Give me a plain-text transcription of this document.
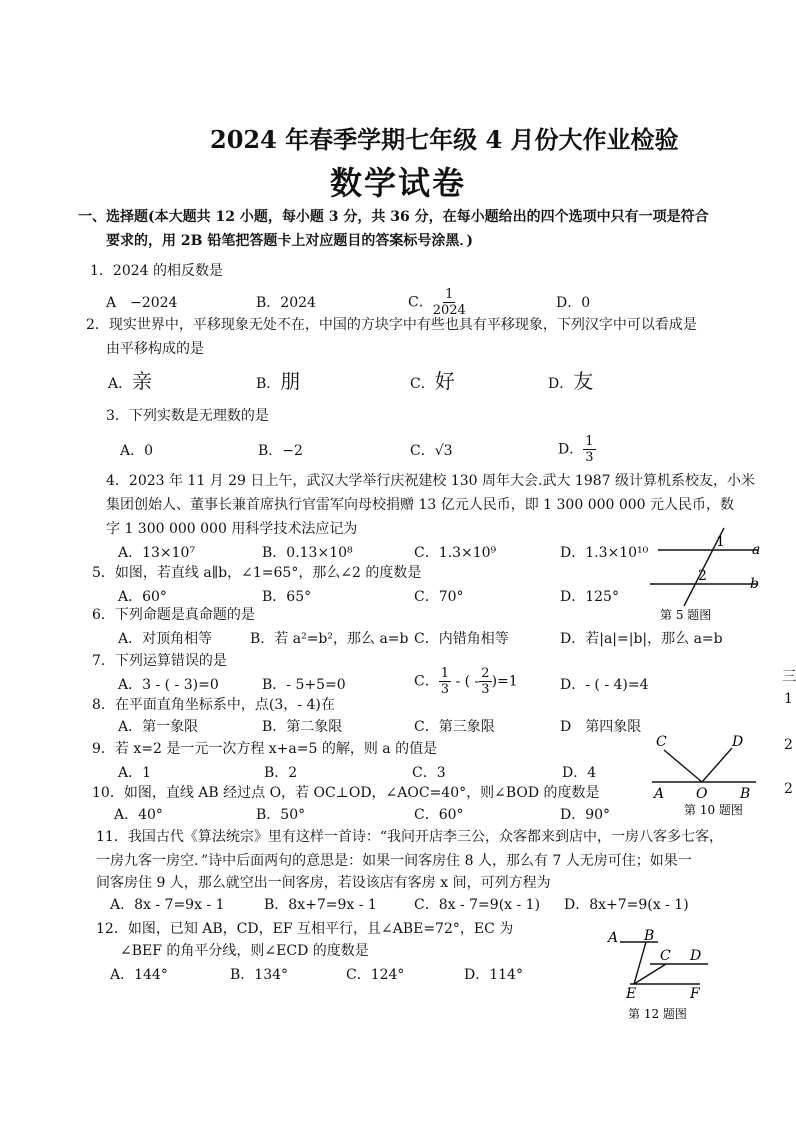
2024 年春季学期七年级 4 月份大作业检验
数学试卷
一、选择题(本大题共 12 小题，每小题 3 分，共 36 分，在每小题给出的四个选项中只有一项是符合
要求的，用 2B 铅笔把答题卡上对应题目的答案标号涂黑．)
1．2024 的相反数是
A　−2024	B．2024	C． $\frac{1}{2024}$	D．0
2．现实世界中，平移现象无处不在，中国的方块字中有些也具有平移现象，下列汉字中可以看成是
由平移构成的是
A．亲	B．朋	C．好	D．友
3．下列实数是无理数的是
A．0	B．−2	C．√3	D． $\frac{1}{3}$
4．2023 年 11 月 29 日上午，武汉大学举行庆祝建校 130 周年大会.武大 1987 级计算机系校友，小米
集团创始人、董事长兼首席执行官雷军向母校捐赠 13 亿元人民币，即 1 300 000 000 元人民币，数
字 1 300 000 000 用科学技术法应记为
A．13×10⁷	B．0.13×10⁸	C．1.3×10⁹	D．1.3×10¹⁰
5．如图，若直线 a∥b，∠1=65°，那么∠2 的度数是
A．60°	B．65°	C．70°	D．125°
1
2
a
b
第 5 题图
6．下列命题是真命题的是
A．对顶角相等	B．若 a²=b²，那么 a=b C．内错角相等	D．若|a|=|b|，那么 a=b
7．下列运算错误的是
A．3 - ( - 3)=0	B．- 5+5=0	C． $\frac{1}{3}$ - ( - $\frac{2}{3} )=1$	D．- ( - 4)=4
8．在平面直角坐标系中，点(3，- 4)在
A．第一象限	B．第二象限	C．第三象限	D　第四象限
9．若 x=2 是一元一次方程 x+a=5 的解，则 a 的值是
A．1	B．2	C．3	D．4
C	D
A O B
第 10 题图
10．如图，直线 AB 经过点 O，若 OC⊥OD，∠AOC=40°，则∠BOD 的度数是
A．40°	B．50°	C．60°	D．90°
11．我国古代《算法统宗》里有这样一首诗：“我问开店李三公，众客都来到店中，一房八客多七客，
一房九客一房空．”诗中后面两句的意思是：如果一间客房住 8 人，那么有 7 人无房可住；如果一
间客房住 9 人，那么就空出一间客房，若设该店有客房 x 间，可列方程为
A．8x - 7=9x - 1	B．8x+7=9x - 1	C．8x - 7=9(x - 1) D．8x+7=9(x - 1)
12．如图，已知 AB，CD，EF 互相平行，且∠ABE=72°，EC 为
∠BEF 的角平分线，则∠ECD 的度数是
A．144°	B．134°	C．124°	D．114°
A B
C D
E	F
第 12 题图
三
1
2
2
